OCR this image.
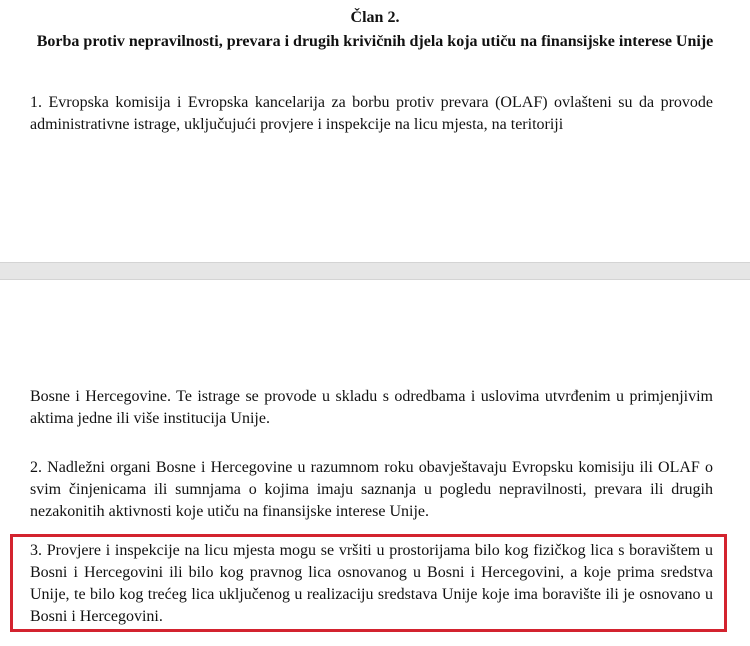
Član 2.

Borba protiv nepravilnosti, prevara i drugih krivičnih djela koja utiču na finansijske interese Unije

1. Evropska komisija i Evropska kancelarija za borbu protiv prevara (OLAF) ovlašteni su da provode administrativne istrage, uključujući provjere i inspekcije na licu mjesta, na teritoriji

Bosne i Hercegovine. Te istrage se provode u skladu s odredbama i uslovima utvrđenim u primjenjivim aktima jedne ili više institucija Unije.

2. Nadležni organi Bosne i Hercegovine u razumnom roku obavještavaju Evropsku komisiju ili OLAF o svim činjenicama ili sumnjama o kojima imaju saznanja u pogledu nepravilnosti, prevara ili drugih nezakonitih aktivnosti koje utiču na finansijske interese Unije.

3. Provjere i inspekcije na licu mjesta mogu se vršiti u prostorijama bilo kog fizičkog lica s boravištem u Bosni i Hercegovini ili bilo kog pravnog lica osnovanog u Bosni i Hercegovini, a koje prima sredstva Unije, te bilo kog trećeg lica uključenog u realizaciju sredstava Unije koje ima boravište ili je osnovano u Bosni i Hercegovini.
